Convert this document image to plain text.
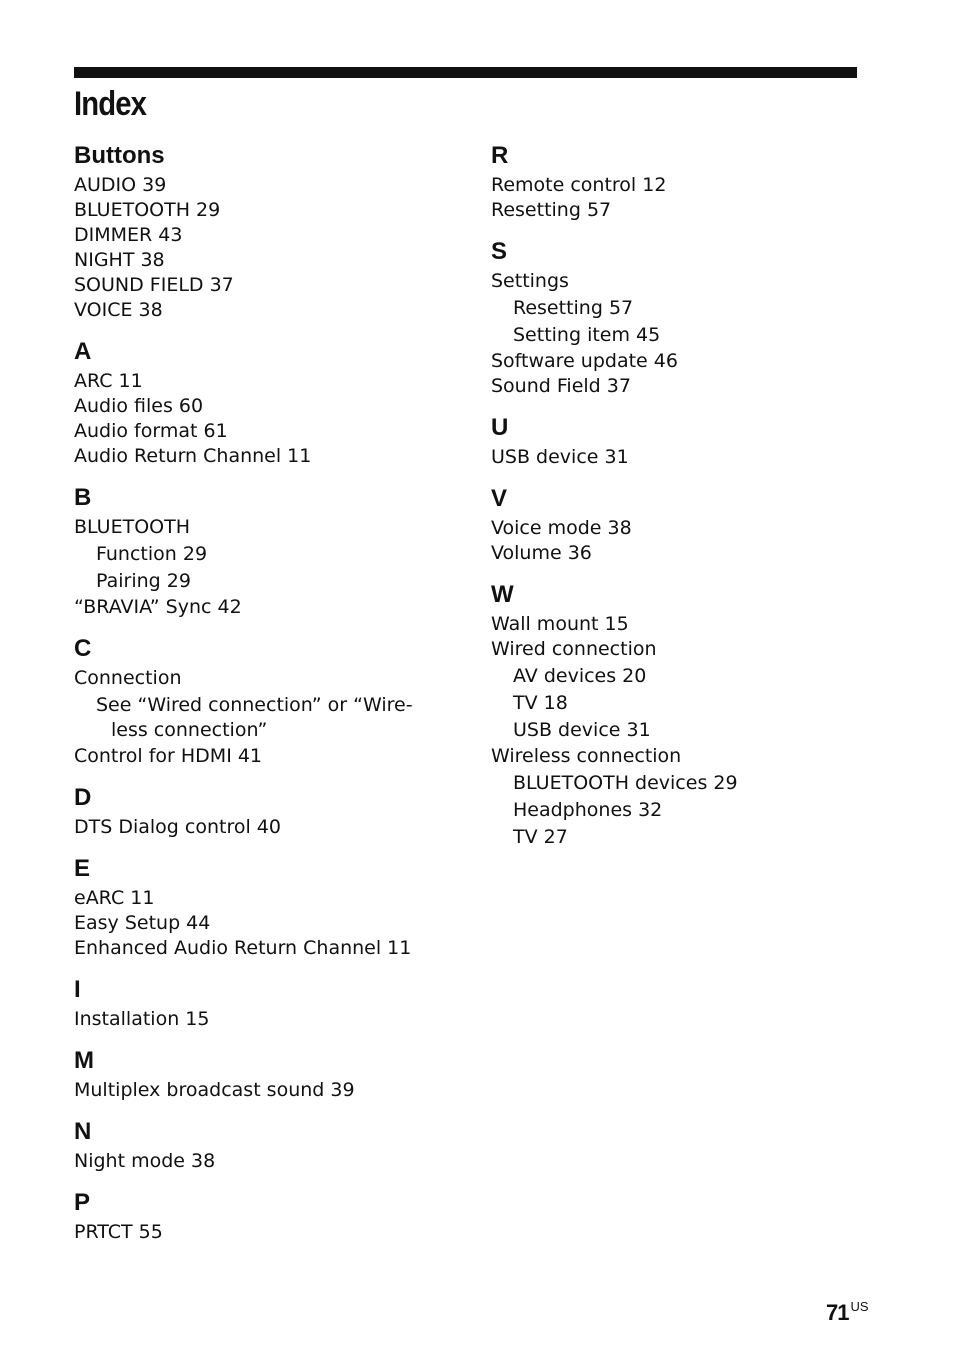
Index
Buttons
AUDIO 39
BLUETOOTH 29
DIMMER 43
NIGHT 38
SOUND FIELD 37
VOICE 38
A
ARC 11
Audio files 60
Audio format 61
Audio Return Channel 11
B
BLUETOOTH
Function 29
Pairing 29
“BRAVIA” Sync 42
C
Connection
See “Wired connection” or “Wire-
less connection”
Control for HDMI 41
D
DTS Dialog control 40
E
eARC 11
Easy Setup 44
Enhanced Audio Return Channel 11
I
Installation 15
M
Multiplex broadcast sound 39
N
Night mode 38
P
PRTCT 55
R
Remote control 12
Resetting 57
S
Settings
Resetting 57
Setting item 45
Software update 46
Sound Field 37
U
USB device 31
V
Voice mode 38
Volume 36
W
Wall mount 15
Wired connection
AV devices 20
TV 18
USB device 31
Wireless connection
BLUETOOTH devices 29
Headphones 32
TV 27
71 $^{US}$
